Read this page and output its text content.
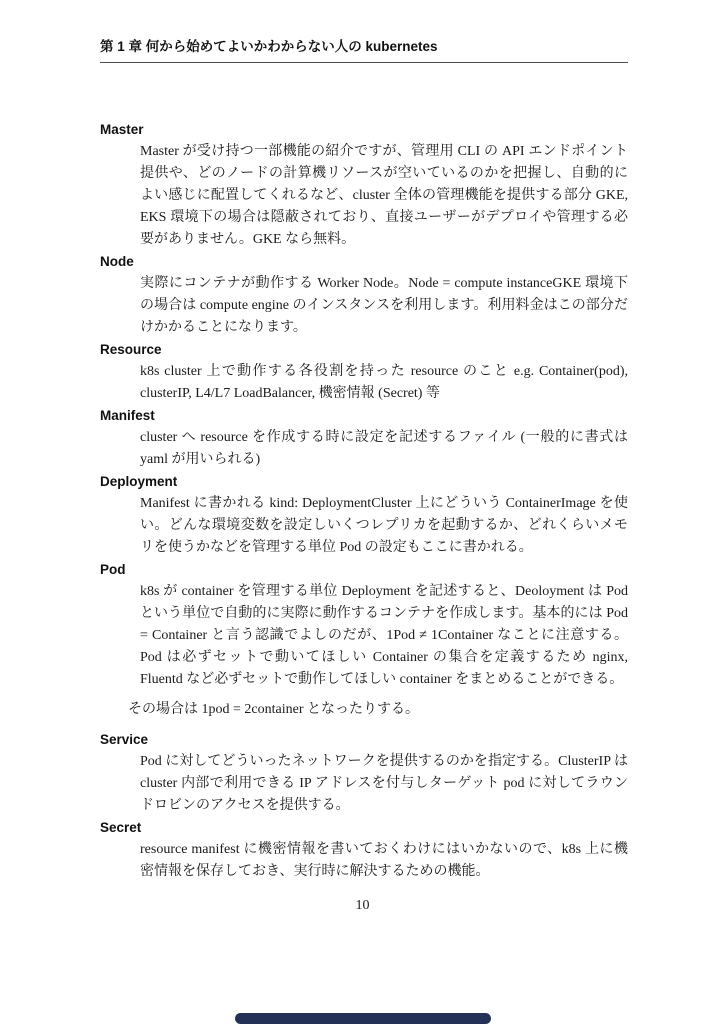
第 1 章 何から始めてよいかわからない人の kubernetes
Master
Master が受け持つ一部機能の紹介ですが、管理用 CLI の API エンドポイント提供や、どのノードの計算機リソースが空いているのかを把握し、自動的によい感じに配置してくれるなど、cluster 全体の管理機能を提供する部分 GKE, EKS 環境下の場合は隠蔽されており、直接ユーザーがデプロイや管理する必要がありません。GKE なら無料。
Node
実際にコンテナが動作する Worker Node。Node = compute instanceGKE 環境下の場合は compute engine のインスタンスを利用します。利用料金はこの部分だけかかることになります。
Resource
k8s cluster 上で動作する各役割を持った resource のこと e.g. Container(pod), clusterIP, L4/L7 LoadBalancer, 機密情報 (Secret) 等
Manifest
cluster へ resource を作成する時に設定を記述するファイル (一般的に書式は yaml が用いられる)
Deployment
Manifest に書かれる kind: DeploymentCluster 上にどういう ContainerImage を使い。どんな環境変数を設定しいくつレプリカを起動するか、どれくらいメモリを使うかなどを管理する単位 Pod の設定もここに書かれる。
Pod
k8s が container を管理する単位 Deployment を記述すると、Deoloyment は Pod という単位で自動的に実際に動作するコンテナを作成します。基本的には Pod = Container と言う認識でよしのだが、1Pod ≠ 1Container なことに注意する。Pod は必ずセットで動いてほしい Container の集合を定義するため nginx, Fluentd など必ずセットで動作してほしい container をまとめることができる。
その場合は 1pod = 2container となったりする。
Service
Pod に対してどういったネットワークを提供するのかを指定する。ClusterIP は cluster 内部で利用できる IP アドレスを付与しターゲット pod に対してラウンドロビンのアクセスを提供する。
Secret
resource manifest に機密情報を書いておくわけにはいかないので、k8s 上に機密情報を保存しておき、実行時に解決するための機能。
10
